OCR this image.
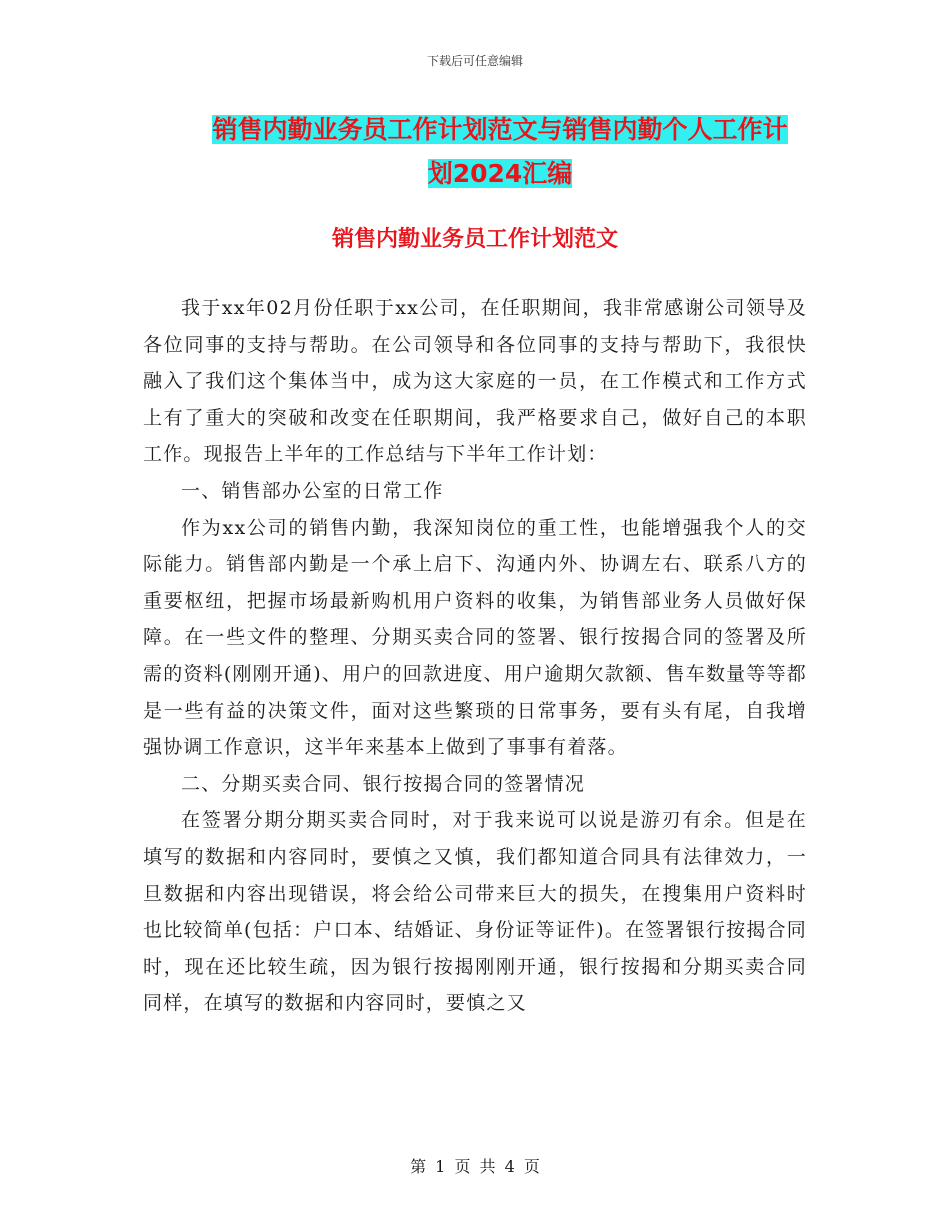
下载后可任意编辑
销售内勤业务员工作计划范文与销售内勤个人工作计
划2024汇编
销售内勤业务员工作计划范文

我于xx年02月份任职于xx公司，在任职期间，我非常感谢公司领导及各位同事的支持与帮助。在公司领导和各位同事的支持与帮助下，我很快融入了我们这个集体当中，成为这大家庭的一员，在工作模式和工作方式上有了重大的突破和改变在任职期间，我严格要求自己，做好自己的本职工作。现报告上半年的工作总结与下半年工作计划：

一、销售部办公室的日常工作

作为xx公司的销售内勤，我深知岗位的重工性，也能增强我个人的交际能力。销售部内勤是一个承上启下、沟通内外、协调左右、联系八方的重要枢纽，把握市场最新购机用户资料的收集，为销售部业务人员做好保障。在一些文件的整理、分期买卖合同的签署、银行按揭合同的签署及所需的资料(刚刚开通)、用户的回款进度、用户逾期欠款额、售车数量等等都是一些有益的决策文件，面对这些繁琐的日常事务，要有头有尾，自我增强协调工作意识，这半年来基本上做到了事事有着落。

二、分期买卖合同、银行按揭合同的签署情况

在签署分期分期买卖合同时，对于我来说可以说是游刃有余。但是在填写的数据和内容同时，要慎之又慎，我们都知道合同具有法律效力，一旦数据和内容出现错误，将会给公司带来巨大的损失，在搜集用户资料时也比较简单(包括：户口本、结婚证、身份证等证件)。在签署银行按揭合同时，现在还比较生疏，因为银行按揭刚刚开通，银行按揭和分期买卖合同同样，在填写的数据和内容同时，要慎之又

第 1 页 共 4 页
